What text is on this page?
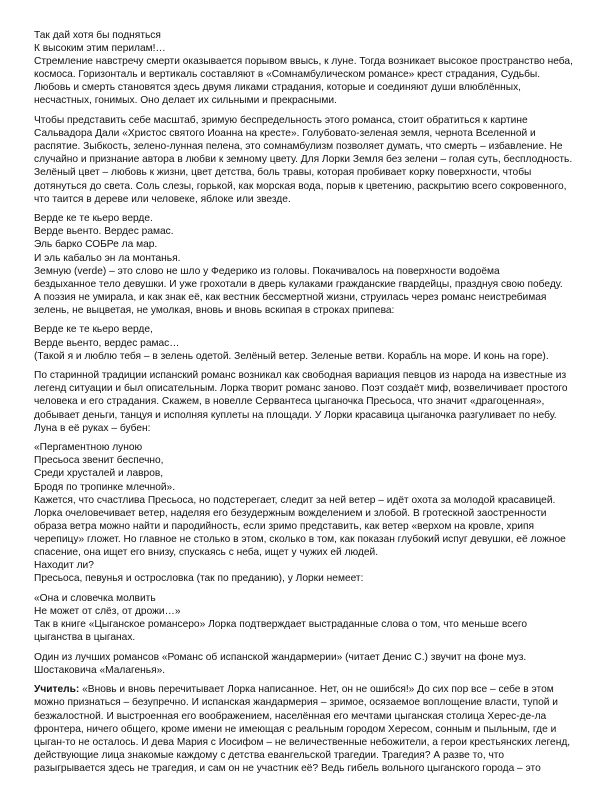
Так дай хотя бы подняться
К высоким этим перилам!…
Стремление навстречу смерти оказывается порывом ввысь, к луне. Тогда возникает высокое пространство неба,
космоса. Горизонталь и вертикаль составляют в «Сомнамбулическом романсе» крест страдания, Судьбы.
Любовь и смерть становятся здесь двумя ликами страдания, которые и соединяют души влюблённых,
несчастных, гонимых. Оно делает их сильными и прекрасными.
Чтобы представить себе масштаб, зримую беспредельность этого романса, стоит обратиться к картине
Сальвадора Дали «Христос святого Иоанна на кресте». Голубовато-зеленая земля, чернота Вселенной и
распятие. Зыбкость, зелено-лунная пелена, это сомнамбулизм позволяет думать, что смерть – избавление. Не
случайно и признание автора в любви к земному цвету. Для Лорки Земля без зелени – голая суть, бесплодность.
Зелёный цвет – любовь к жизни, цвет детства, боль травы, которая пробивает корку поверхности, чтобы
дотянуться до света. Соль слезы, горькой, как морская вода, порыв к цветению, раскрытию всего сокровенного,
что таится в дереве или человеке, яблоке или звезде.
Верде ке те кьеро верде.
Верде вьенто. Вердес рамас.
Эль барко СОБРе ла мар.
И эль кабальо эн ла монтанья.
Земную (verde) – это слово не шло у Федерико из головы. Покачивалось на поверхности водоёма
бездыханное тело девушки. И уже грохотали в дверь кулаками гражданские гвардейцы, празднуя свою победу.
А поэзия не умирала, и как знак её, как вестник бессмертной жизни, струилась через романс неистребимая
зелень, не выцветая, не умолкая, вновь и вновь вскипая в строках припева:
Верде ке те кьеро верде,
Верде вьенто, вердес рамас…
(Такой я и люблю тебя – в зелень одетой. Зелёный ветер. Зеленые ветви. Корабль на море. И конь на горе).
По старинной традиции испанский романс возникал как свободная вариация певцов из народа на известные из
легенд ситуации и был описательным. Лорка творит романс заново. Поэт создаёт миф, возвеличивает простого
человека и его страдания. Скажем, в новелле Сервантеса цыганочка Пресьоса, что значит «драгоценная»,
добывает деньги, танцуя и исполняя куплеты на площади. У Лорки красавица цыганочка разгуливает по небу.
Луна в её руках – бубен:
«Пергаментною луною
Пресьоса звенит беспечно,
Среди хрусталей и лавров,
Бродя по тропинке млечной».
Кажется, что счастлива Пресьоса, но подстерегает, следит за ней ветер – идёт охота за молодой красавицей.
Лорка очеловечивает ветер, наделяя его безудержным вожделением и злобой. В гротескной заостренности
образа ветра можно найти и пародийность, если зримо представить, как ветер «верхом на кровле, хрипя
черепицу» гложет. Но главное не столько в этом, сколько в том, как показан глубокий испуг девушки, её ложное
спасение, она ищет его внизу, спускаясь с неба, ищет у чужих ей людей.
Находит ли?
Пресьоса, певунья и острословка (так по преданию), у Лорки немеет:
«Она и словечка молвить
Не может от слёз, от дрожи…»
Так в книге «Цыганское романсеро» Лорка подтверждает выстраданные слова о том, что меньше всего
цыганства в цыганах.
Один из лучших романсов «Романс об испанской жандармерии» (читает Денис С.) звучит на фоне муз.
Шостаковича «Малагенья».
Учитель: «Вновь и вновь перечитывает Лорка написанное. Нет, он не ошибся!» До сих пор все – себе в этом
можно признаться – безупречно. И испанская жандармерия – зримое, осязаемое воплощение власти, тупой и
безжалостной. И выстроенная его воображением, населённая его мечтами цыганская столица Херес-де-ла
фронтера, ничего общего, кроме имени не имеющая с реальным городом Хересом, сонным и пыльным, где и
цыган-то не осталось. И дева Мария с Иосифом – не величественные небожители, а герои крестьянских легенд,
действующие лица знакомые каждому с детства евангельской трагедии. Трагедия? А разве то, что
разыгрывается здесь не трагедия, и сам он не участник её? Ведь гибель вольного цыганского города – это
